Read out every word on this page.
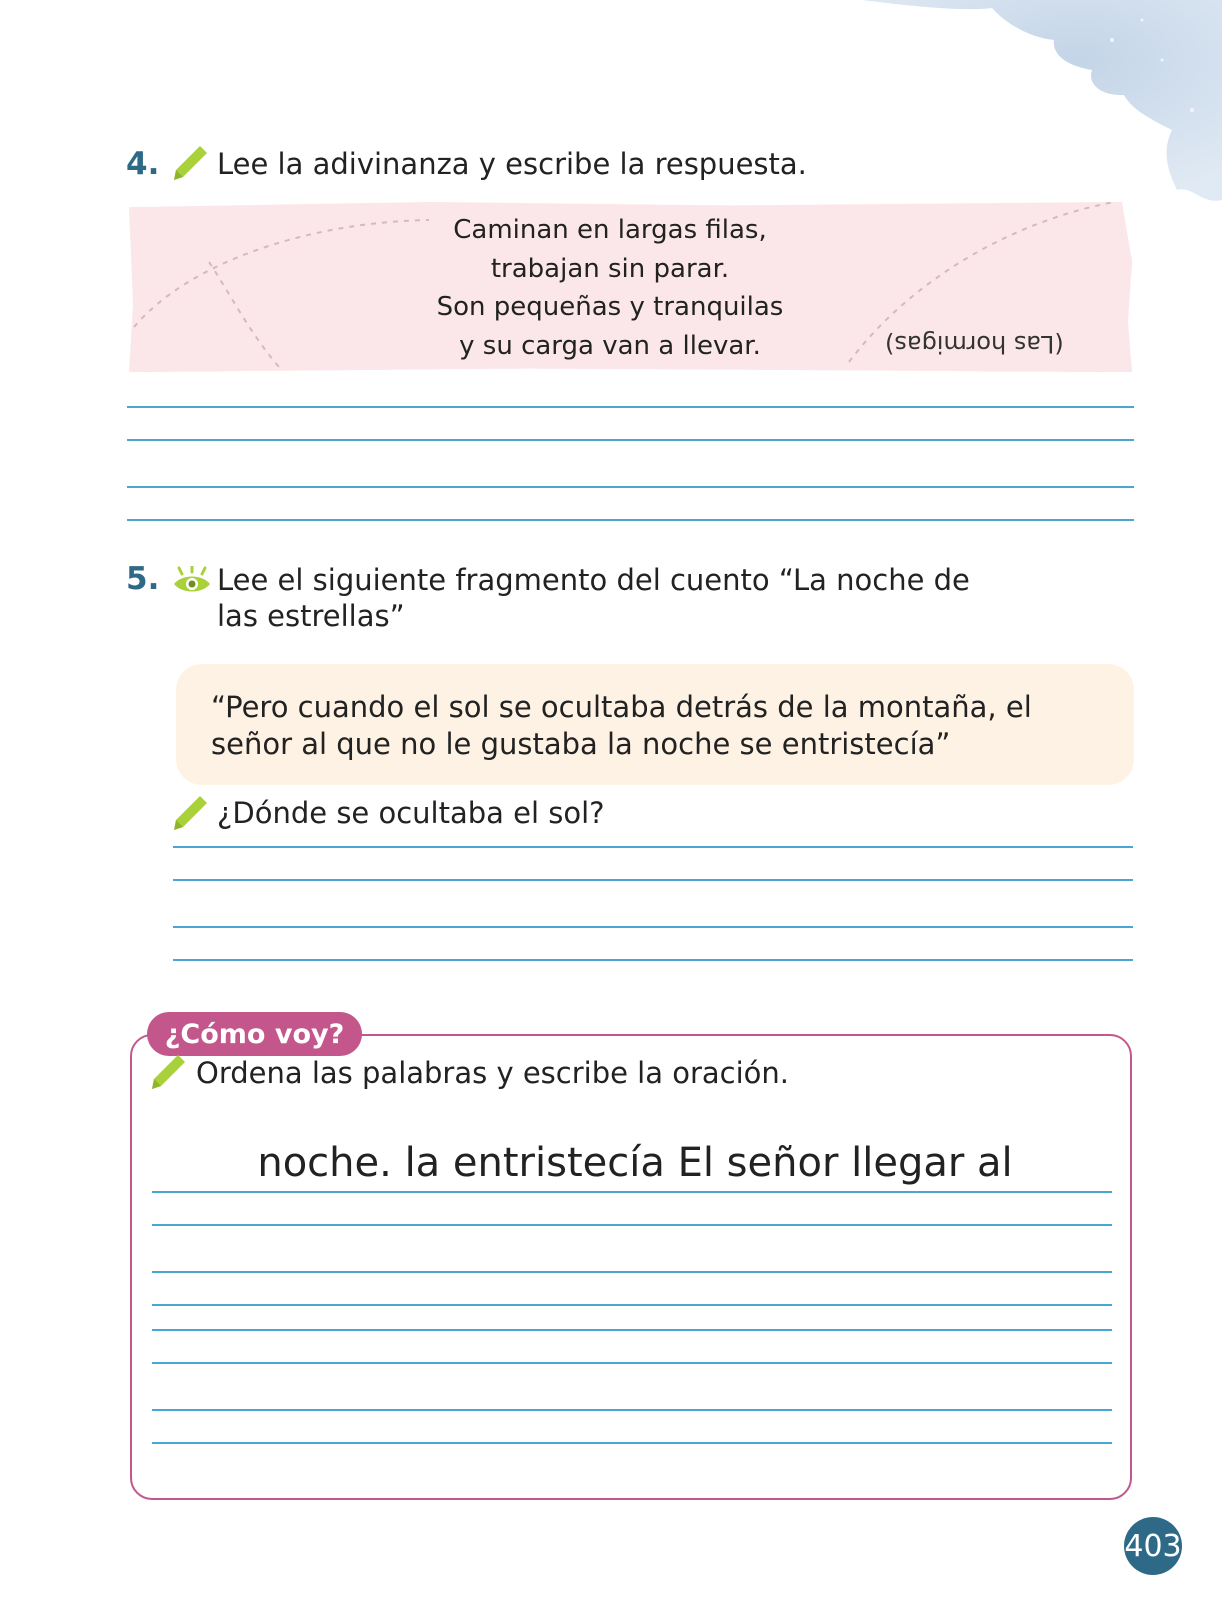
4. Lee la adivinanza y escribe la respuesta.
Caminan en largas filas,
trabajan sin parar.
Son pequeñas y tranquilas
y su carga van a llevar.	(Las hormigas)
5. Lee el siguiente fragmento del cuento “La noche de
las estrellas”
“Pero cuando el sol se ocultaba detrás de la montaña, el
señor al que no le gustaba la noche se entristecía”
¿Dónde se ocultaba el sol?
¿Cómo voy?
Ordena las palabras y escribe la oración.
noche. la entristecía El señor llegar al
403
